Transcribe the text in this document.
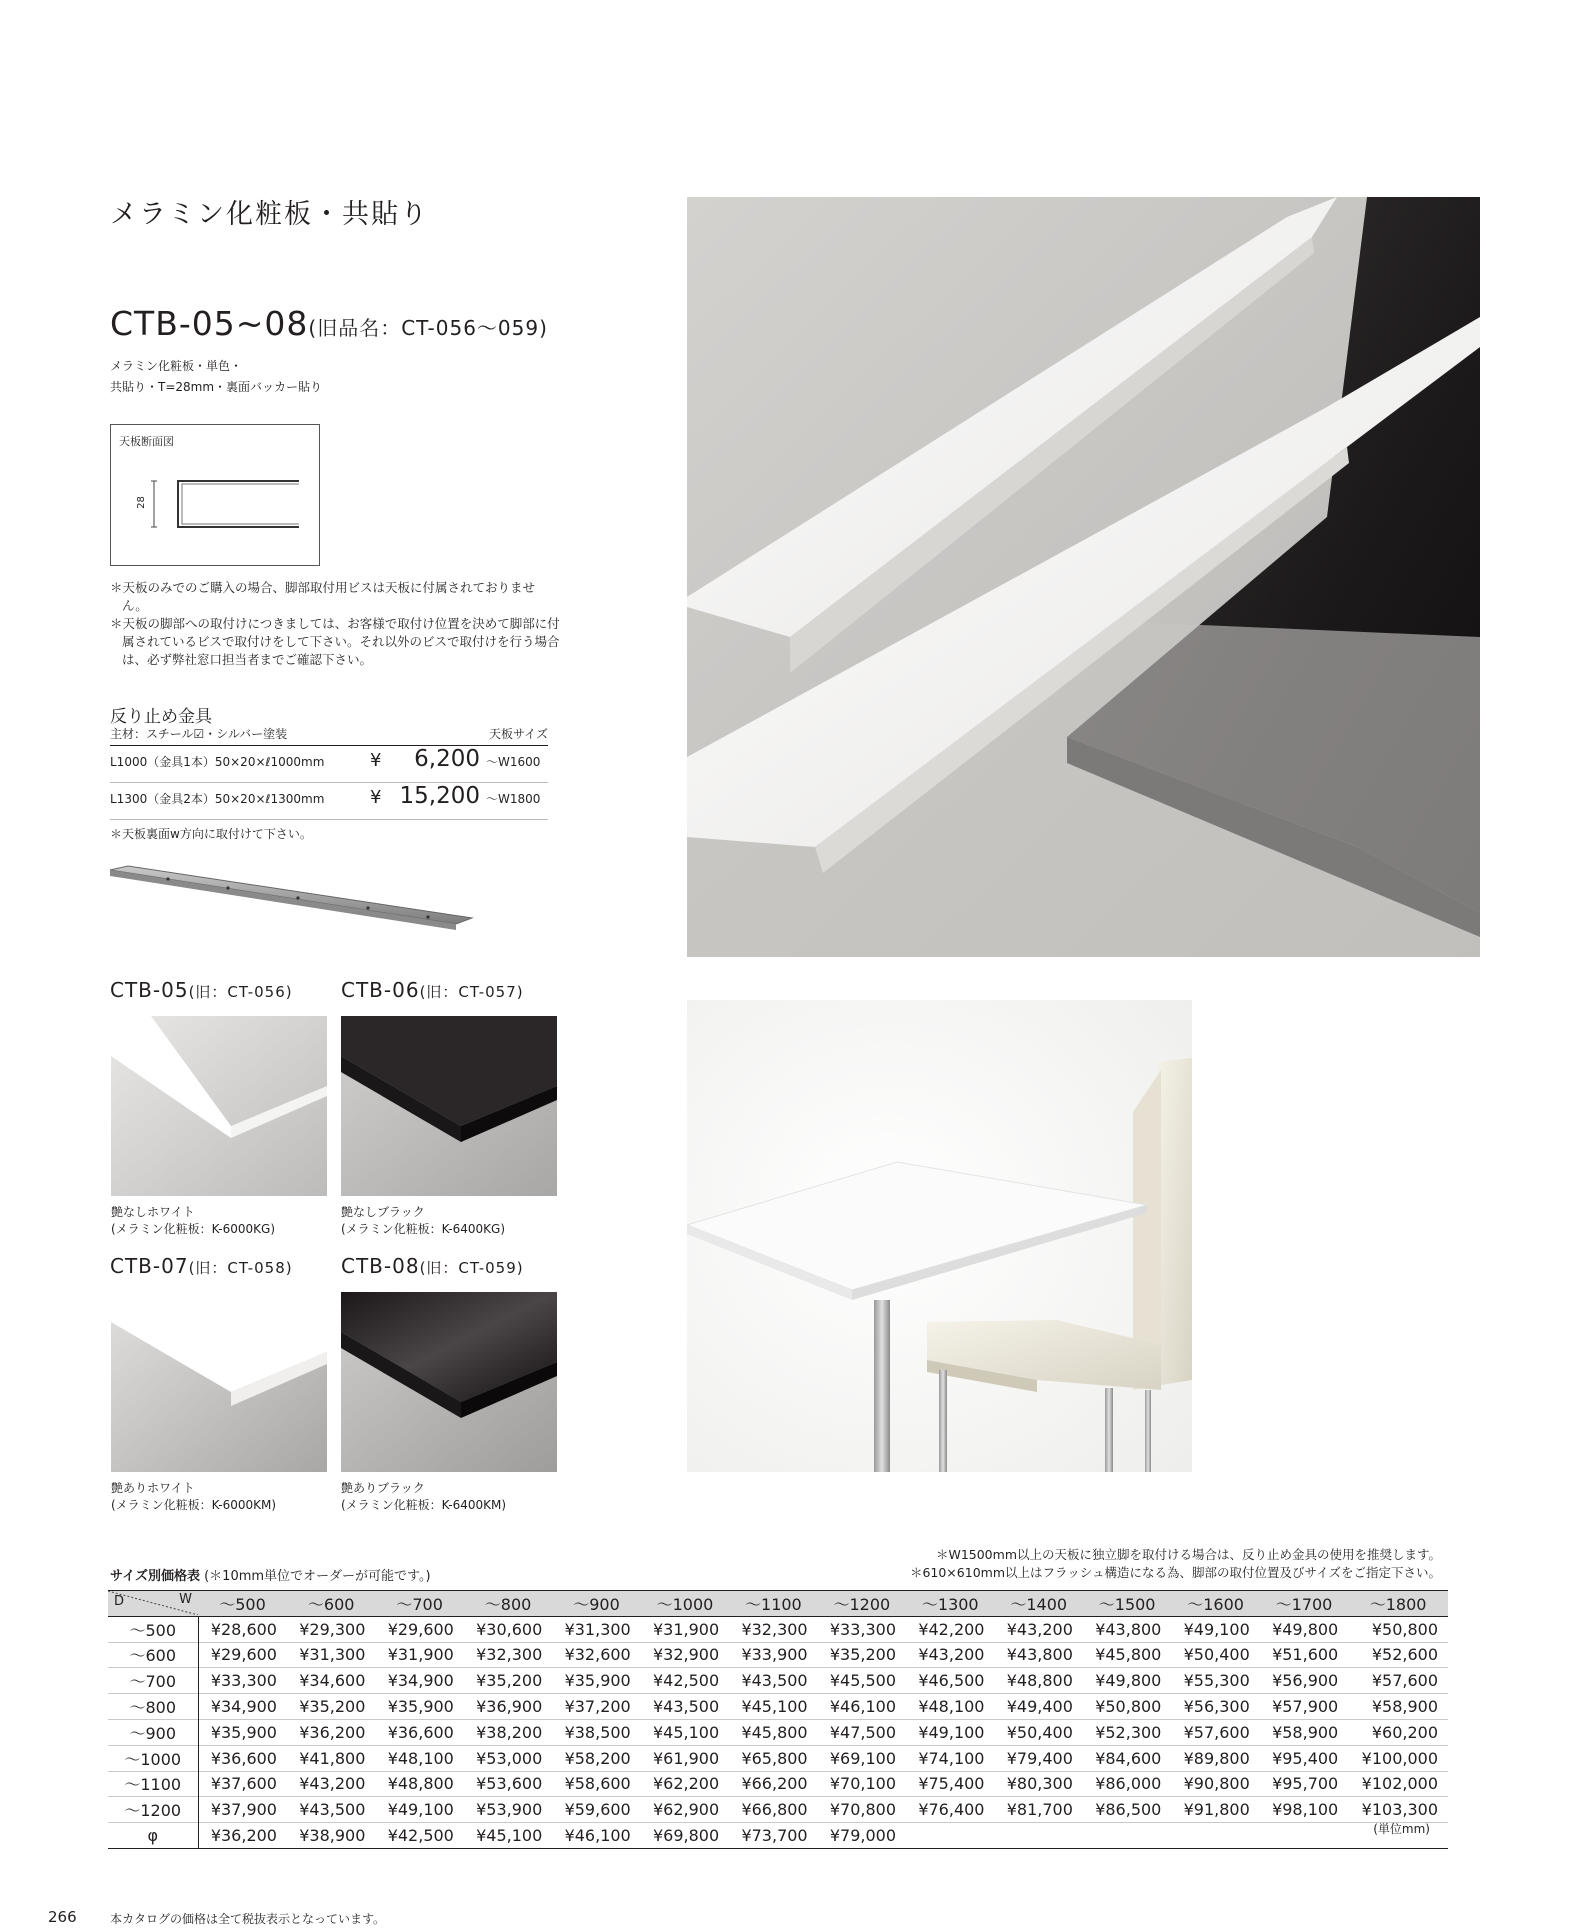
メラミン化粧板・共貼り
CTB-05~08(旧品名：CT-056～059)
メラミン化粧板・単色・
共貼り・T=28mm・裏面バッカー貼り
天板断面図
28
＊天板のみでのご購入の場合、脚部取付用ビスは天板に付属されておりません。
＊天板の脚部への取付けにつきましては、お客様で取付け位置を決めて脚部に付属されているビスで取付けをして下さい。それ以外のビスで取付けを行う場合は、必ず弊社窓口担当者までご確認下さい。
反り止め金具
主材：スチール☑・シルバー塗装	天板サイズ
L1000（金具1本）50×20×ℓ1000mm	¥	6,200 ～W1600
L1300（金具2本）50×20×ℓ1300mm	¥ 15,200 ～W1800
＊天板裏面w方向に取付けて下さい。
CTB-05(旧：CT-056)
艶なしホワイト
(メラミン化粧板：K-6000KG)
CTB-06(旧：CT-057)
艶なしブラック
(メラミン化粧板：K-6400KG)
CTB-07(旧：CT-058)
艶ありホワイト
(メラミン化粧板：K-6000KM)
CTB-08(旧：CT-059)
艶ありブラック
(メラミン化粧板：K-6400KM)
＊W1500mm以上の天板に独立脚を取付ける場合は、反り止め金具の使用を推奨します。
＊610×610mm以上はフラッシュ構造になる為、脚部の取付位置及びサイズをご指定下さい。
サイズ別価格表 (＊10mm単位でオーダーが可能です。)
D W	～500	～600	～700	～800	～900	～1000	～1100	～1200	～1300	～1400	～1500	～1600	～1700	～1800
～500	¥28,600	¥29,300	¥29,600	¥30,600	¥31,300	¥31,900	¥32,300	¥33,300	¥42,200	¥43,200	¥43,800	¥49,100	¥49,800	¥50,800
～600	¥29,600	¥31,300	¥31,900	¥32,300	¥32,600	¥32,900	¥33,900	¥35,200	¥43,200	¥43,800	¥45,800	¥50,400	¥51,600	¥52,600
～700	¥33,300	¥34,600	¥34,900	¥35,200	¥35,900	¥42,500	¥43,500	¥45,500	¥46,500	¥48,800	¥49,800	¥55,300	¥56,900	¥57,600
～800	¥34,900	¥35,200	¥35,900	¥36,900	¥37,200	¥43,500	¥45,100	¥46,100	¥48,100	¥49,400	¥50,800	¥56,300	¥57,900	¥58,900
～900	¥35,900	¥36,200	¥36,600	¥38,200	¥38,500	¥45,100	¥45,800	¥47,500	¥49,100	¥50,400	¥52,300	¥57,600	¥58,900	¥60,200
～1000	¥36,600	¥41,800	¥48,100	¥53,000	¥58,200	¥61,900	¥65,800	¥69,100	¥74,100	¥79,400	¥84,600	¥89,800	¥95,400	¥100,000
～1100	¥37,600	¥43,200	¥48,800	¥53,600	¥58,600	¥62,200	¥66,200	¥70,100	¥75,400	¥80,300	¥86,000	¥90,800	¥95,700	¥102,000
～1200	¥37,900	¥43,500	¥49,100	¥53,900	¥59,600	¥62,900	¥66,800	¥70,800	¥76,400	¥81,700	¥86,500	¥91,800	¥98,100	¥103,300
φ	¥36,200	¥38,900	¥42,500	¥45,100	¥46,100	¥69,800	¥73,700	¥79,000							(単位mm)
266	本カタログの価格は全て税抜表示となっています。
